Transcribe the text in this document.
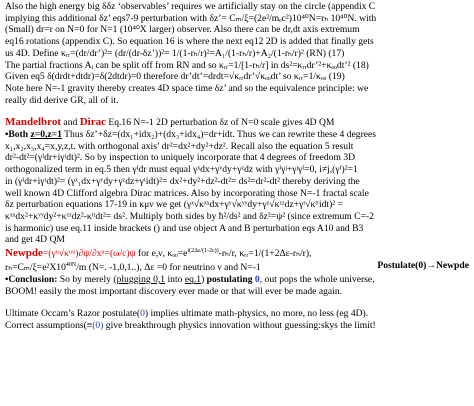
Also the high energy big δδz ‘observables’ requires we artificially stay on the circle (appendix C
implying this additional δz’ eqs7-9 perturbation with δz’= Cₘ/ξ=(2e²/mₑc²)10⁴⁰N=rₕ 10⁴⁰N. with
(Small) dr=r on N=0 for N=1 (10⁴⁰X larger) observer. Also there can be dr,dt axis extremum
eq16 rotations (appendix C). So equation 16 is where the next eq12 2D is added that finally gets
us 4D. Define κᵣᵣ=(dr/dr’)²= (dr/(dr-δz’))²= 1/(1-rₕ/r)²=A₁/(1-rₕ/r)+A₂/(1-rₕ/r)² (RN) (17)
The partial fractions Aᵢ can be split off from RN and so κᵣᵣ=1/[1-rₕ/r] in ds²=κᵣᵣdr’²+κₒₒdt’² (18)
Given eq5 δ(drdt+dtdr)=δ(2dtdr)=0 therefore dr’dt’=drdt=√κᵣᵣdr’√κₒₒdt’ so κᵣᵣ=1/κₒₒ (19)
Note here N=-1 gravity thereby creates 4D space time δz’ and so the equivalence principle: we
really did derive GR, all of it.
Mandelbrot and Dirac Eq.16 N=-1 2D perturbation δz of N=0 scale gives 4D QM
•Both z=0,z=1 Thus δz’+δz=(dx₁+idx₂)+(dx₃+idx₄)=dr+idt. Thus we can rewrite these 4 degrees
x₁,x₂,x₃,x₄=x,y,z,t. with orthogonal axis’ dr²=dx²+dy²+dz². Recall also the equation 5 result
dr²-dt²=(γᴵdr+iγᵗdt)². So by inspection to uniquely incorporate that 4 degrees of freedom 3D
orthogonalized term in eq.5 then γᴵdr must equal γˣdx+γʸdy+γᶻdz with γᴵγʲ+γʲγᴵ=0, i≠j,(γᴵ)²=1
in (γᴵdr+iγᵗdt)²= (γˣ₁dx+γʸdy+γᶻdz+γᵗidt)²= dx²+dy²+dz²-dt²= ds²=dr²-dt² thereby deriving the
well known 4D Clifford algebra Dirac matrices. Also by incorporating those N=-1 fractal scale
δz perturbation equations 17-19 in κμν we get (γˣ√κˣˣdx+γʸ√κʸʸdy+γᶻ√κᶻᶻdz+γᵗ√κᵗᵗidt)² =
κˣˣdx²+κʸʸdy²+κᶻᶻdz²-κᵗᵗdt²= ds². Multiply both sides by ħ²/ds² and δz²=ψ² (since extremum C=-2
is harmonic) use eq.11 inside brackets () and use object A and B perturbation eqs A10 and B3
and get 4D QM
Newpde=(γᵘ√κᵘᵘ)∂ψ/∂xᵘ=(ω/c)ψ for e,ν, $\kappa_{oo}=e^{i(2\Delta\varepsilon/(1-2\varepsilon))}-r_h/r$, κᵣᵣ=1/(1+2Δε-rₕ/r),
$r_h=C_m/\xi=e^2X10^{40N}/m$ (N=. -1,0,1..), Δε =0 for neutrino ν and N=-1	Postulate(0)→Newpde
•Conclusion: So by merely (plugging 0,1 into eq.1) postulating 0, out pops the whole universe,
BOOM! easily the most important discovery ever made or that will ever be made again.
Ultimate Occam’s Razor postulate(0) implies ultimate math-physics, no more, no less (eg 4D).
Correct assumptions(≡(0) give breakthrough physics innovation without guessing:skys the limit!
